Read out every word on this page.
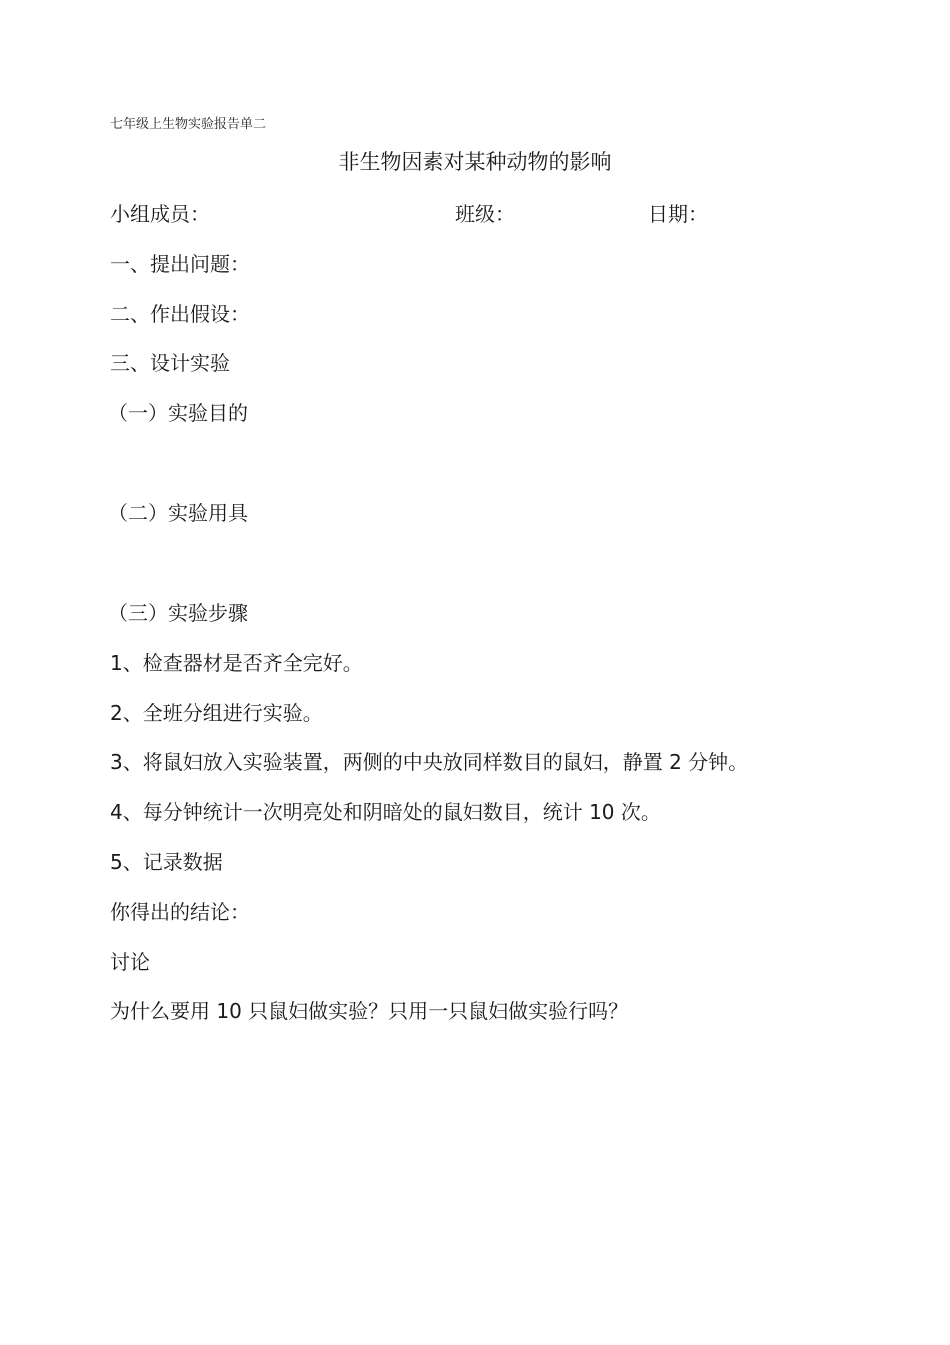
七年级上生物实验报告单二
非生物因素对某种动物的影响
小组成员：	班级：	日期：
一、提出问题：
二、作出假设：
三、设计实验
（一）实验目的
（二）实验用具
（三）实验步骤
1、检查器材是否齐全完好。
2、全班分组进行实验。
3、将鼠妇放入实验装置，两侧的中央放同样数目的鼠妇，静置 2 分钟。
4、每分钟统计一次明亮处和阴暗处的鼠妇数目，统计 10 次。
5、记录数据
你得出的结论：
讨论
为什么要用 10 只鼠妇做实验？只用一只鼠妇做实验行吗？
